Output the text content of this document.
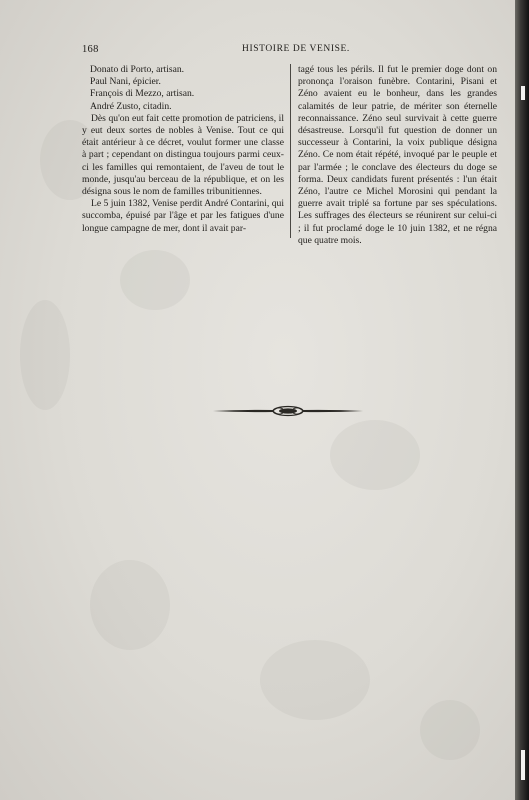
168	HISTOIRE DE VENISE.
Donato di Porto, artisan.
Paul Nani, épicier.
François di Mezzo, artisan.
André Zusto, citadin.

Dès qu'on eut fait cette promotion de patriciens, il y eut deux sortes de nobles à Venise. Tout ce qui était antérieur à ce décret, voulut former une classe à part ; cependant on distingua toujours parmi ceux-ci les familles qui remontaient, de l'aveu de tout le monde, jusqu'au berceau de la république, et on les désigna sous le nom de familles tribunitiennes.

Le 5 juin 1382, Venise perdit André Contarini, qui succomba, épuisé par l'âge et par les fatigues d'une longue campagne de mer, dont il avait par-

tagé tous les périls. Il fut le premier doge dont on prononça l'oraison funèbre. Contarini, Pisani et Zéno avaient eu le bonheur, dans les grandes calamités de leur patrie, de mériter son éternelle reconnaissance. Zéno seul survivait à cette guerre désastreuse. Lorsqu'il fut question de donner un successeur à Contarini, la voix publique désigna Zéno. Ce nom était répété, invoqué par le peuple et par l'armée ; le conclave des électeurs du doge se forma. Deux candidats furent présentés : l'un était Zéno, l'autre ce Michel Morosini qui pendant la guerre avait triplé sa fortune par ses spéculations. Les suffrages des électeurs se réunirent sur celui-ci ; il fut proclamé doge le 10 juin 1382, et ne régna que quatre mois.
